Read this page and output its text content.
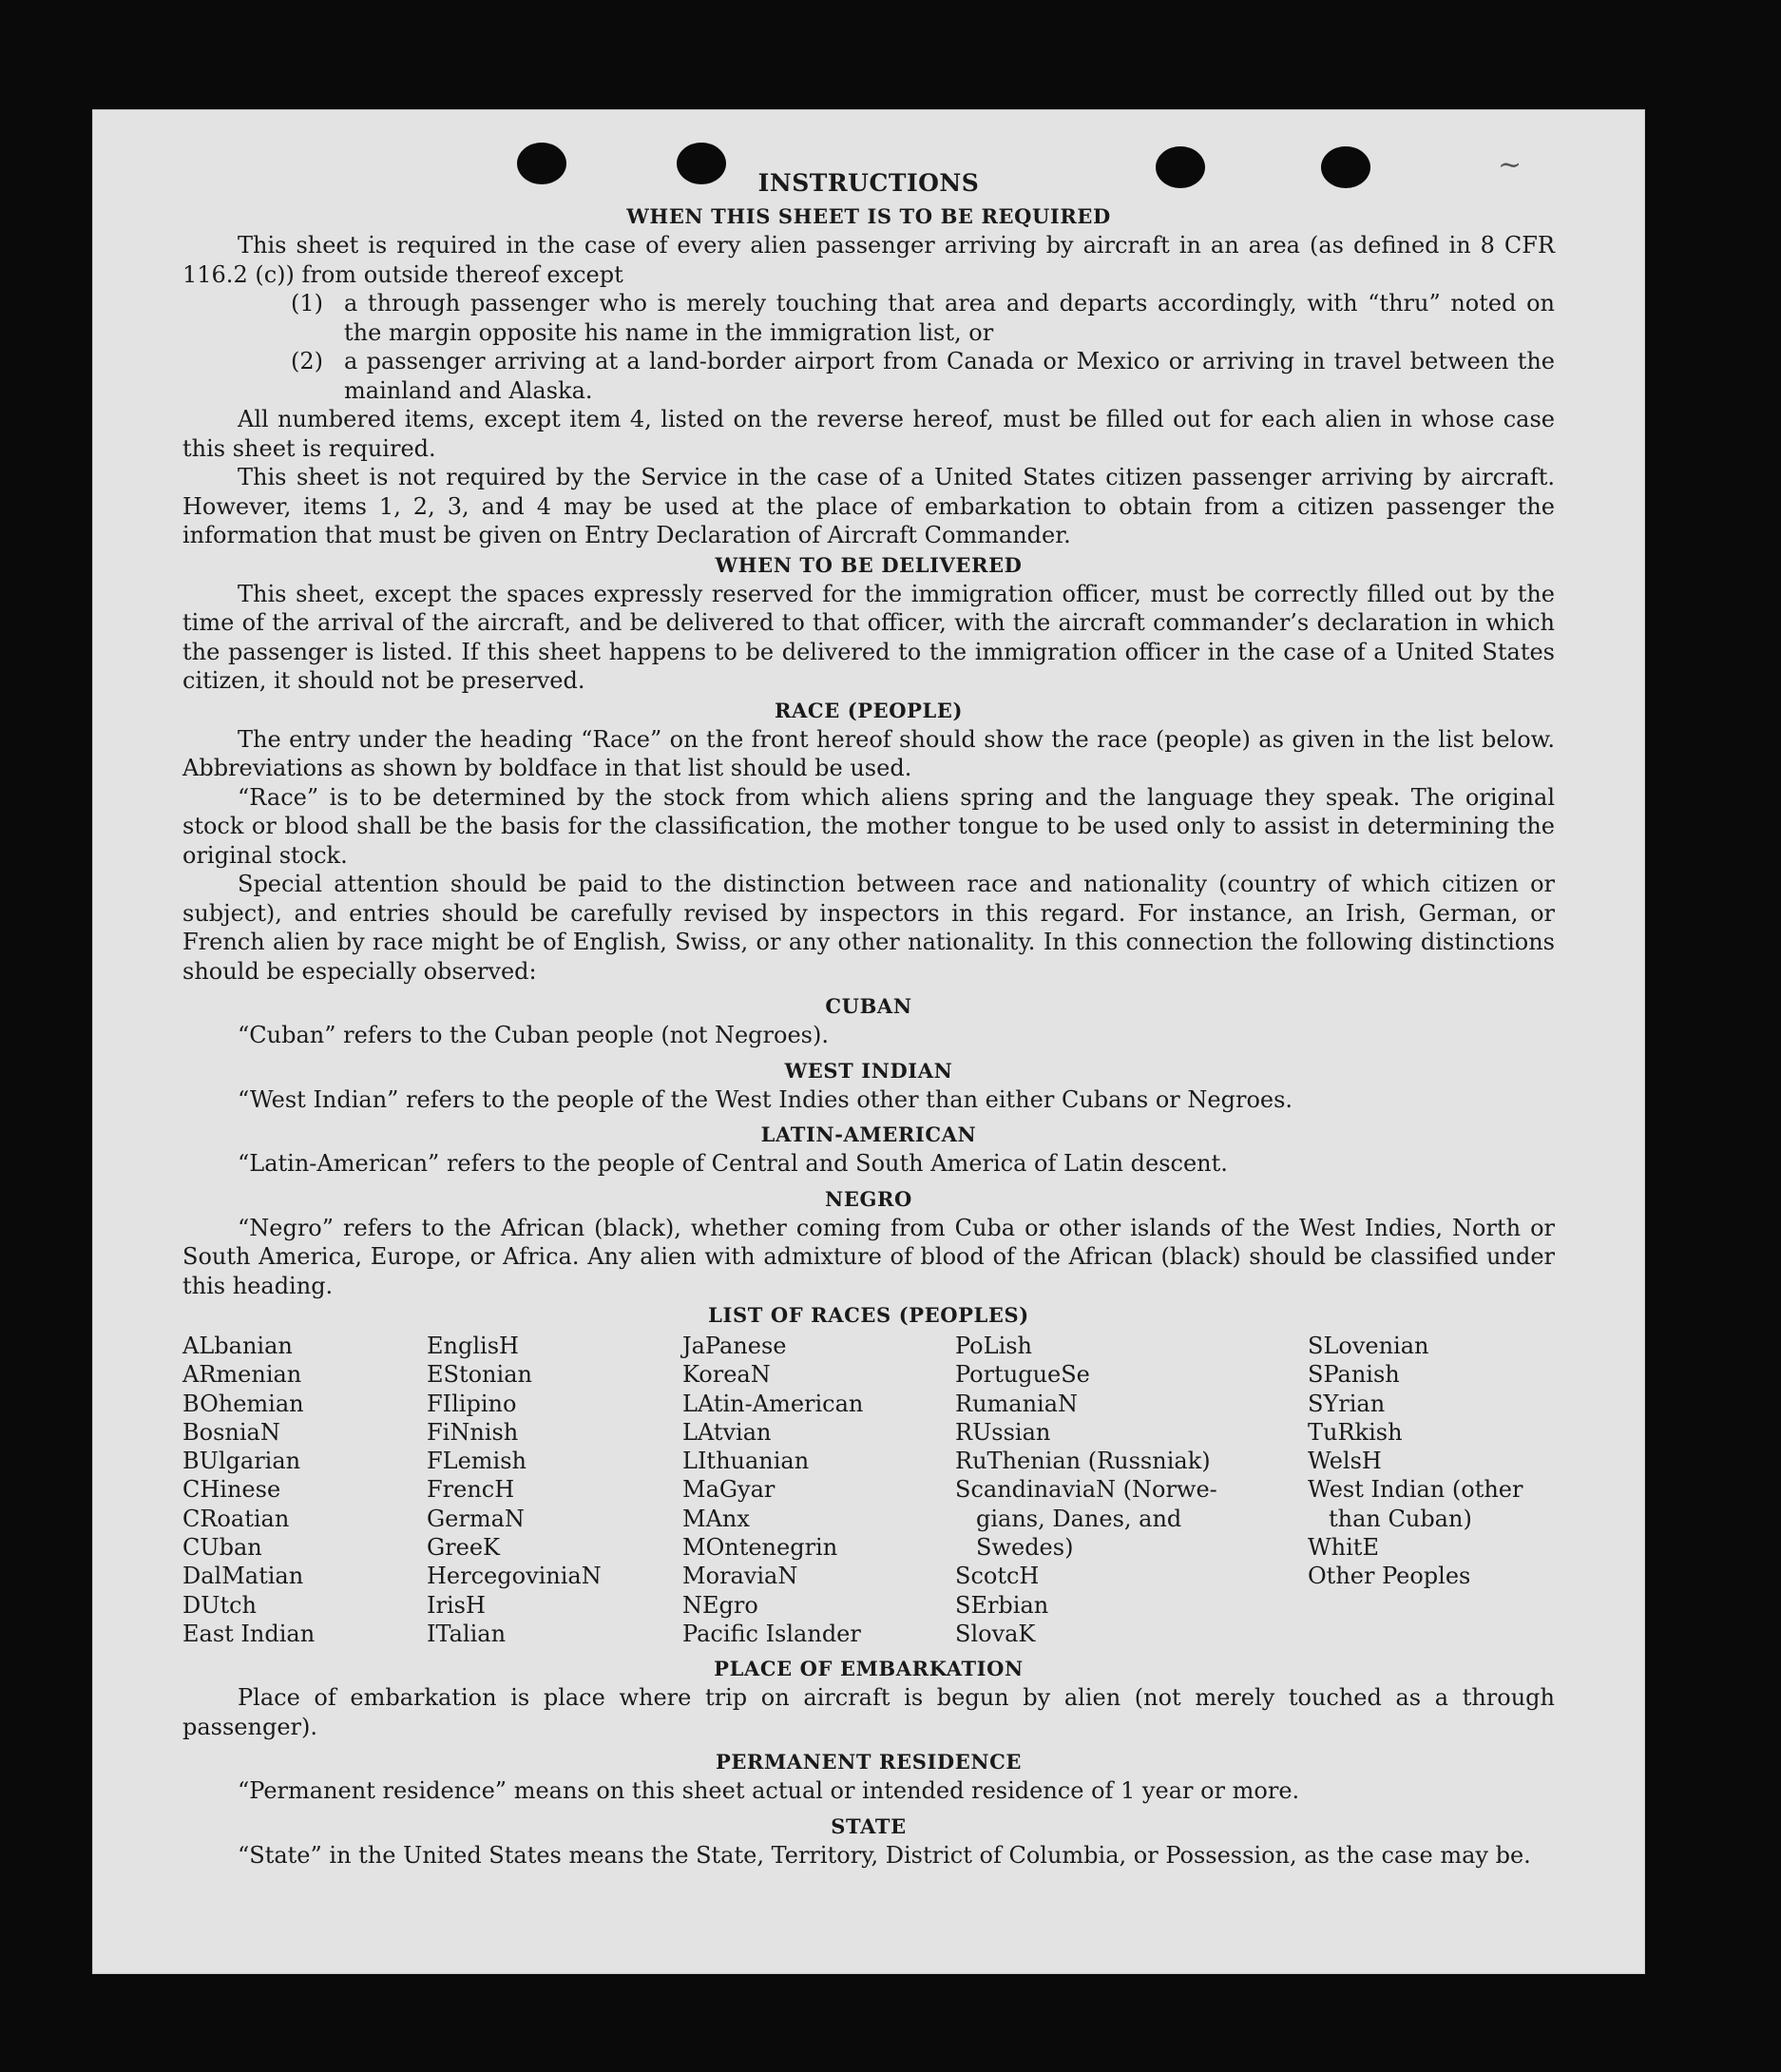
~
INSTRUCTIONS
WHEN THIS SHEET IS TO BE REQUIRED

This sheet is required in the case of every alien passenger arriving by aircraft in an area (as defined in 8 CFR 116.2 (c)) from outside thereof except

(1) a through passenger who is merely touching that area and departs accordingly, with “thru” noted on the margin opposite his name in the immigration list, or
(2) a passenger arriving at a land-border airport from Canada or Mexico or arriving in travel between the mainland and Alaska.

All numbered items, except item 4, listed on the reverse hereof, must be filled out for each alien in whose case this sheet is required.

This sheet is not required by the Service in the case of a United States citizen passenger arriving by aircraft. However, items 1, 2, 3, and 4 may be used at the place of embarkation to obtain from a citizen passenger the information that must be given on Entry Declaration of Aircraft Commander.

WHEN TO BE DELIVERED

This sheet, except the spaces expressly reserved for the immigration officer, must be correctly filled out by the time of the arrival of the aircraft, and be delivered to that officer, with the aircraft commander’s declaration in which the passenger is listed. If this sheet happens to be delivered to the immigration officer in the case of a United States citizen, it should not be preserved.

RACE (PEOPLE)

The entry under the heading “Race” on the front hereof should show the race (people) as given in the list below. Abbreviations as shown by boldface in that list should be used.

“Race” is to be determined by the stock from which aliens spring and the language they speak. The original stock or blood shall be the basis for the classification, the mother tongue to be used only to assist in determining the original stock.

Special attention should be paid to the distinction between race and nationality (country of which citizen or subject), and entries should be carefully revised by inspectors in this regard. For instance, an Irish, German, or French alien by race might be of English, Swiss, or any other nationality. In this connection the following distinctions should be especially observed:

CUBAN

“Cuban” refers to the Cuban people (not Negroes).

WEST INDIAN

“West Indian” refers to the people of the West Indies other than either Cubans or Negroes.

LATIN-AMERICAN

“Latin-American” refers to the people of Central and South America of Latin descent.

NEGRO

“Negro” refers to the African (black), whether coming from Cuba or other islands of the West Indies, North or South America, Europe, or Africa. Any alien with admixture of blood of the African (black) should be classified under this heading.

LIST OF RACES (PEOPLES)
ALbanian
ARmenian
BOhemian
BosniaN
BUlgarian
CHinese
CRoatian
CUban
DalMatian
DUtch
East Indian
EnglisH
EStonian
FIlipino
FiNnish
FLemish
FrencH
GermaN
GreeK
HercegovinіaN
IrisH
ITalian
JaPanese
KoreaN
LAtin-American
LAtvian
LIthuanian
MaGyar
MAnx
MOntenegrin
MoraviaN
NEgro
Pacific Islander
PoLish
PortugueSe
RumaniaN
RUssian
RuThenian (Russniak)
ScandinaviaN (Norwe-
gians, Danes, and
Swedes)
ScotcH
SErbian
SlovaK
SLovenian
SPanish
SYrian
TuRkish
WelsH
West Indian (other
than Cuban)
WhitE
Other Peoples
PLACE OF EMBARKATION

Place of embarkation is place where trip on aircraft is begun by alien (not merely touched as a through passenger).

PERMANENT RESIDENCE

“Permanent residence” means on this sheet actual or intended residence of 1 year or more.

STATE

“State” in the United States means the State, Territory, District of Columbia, or Possession, as the case may be.
